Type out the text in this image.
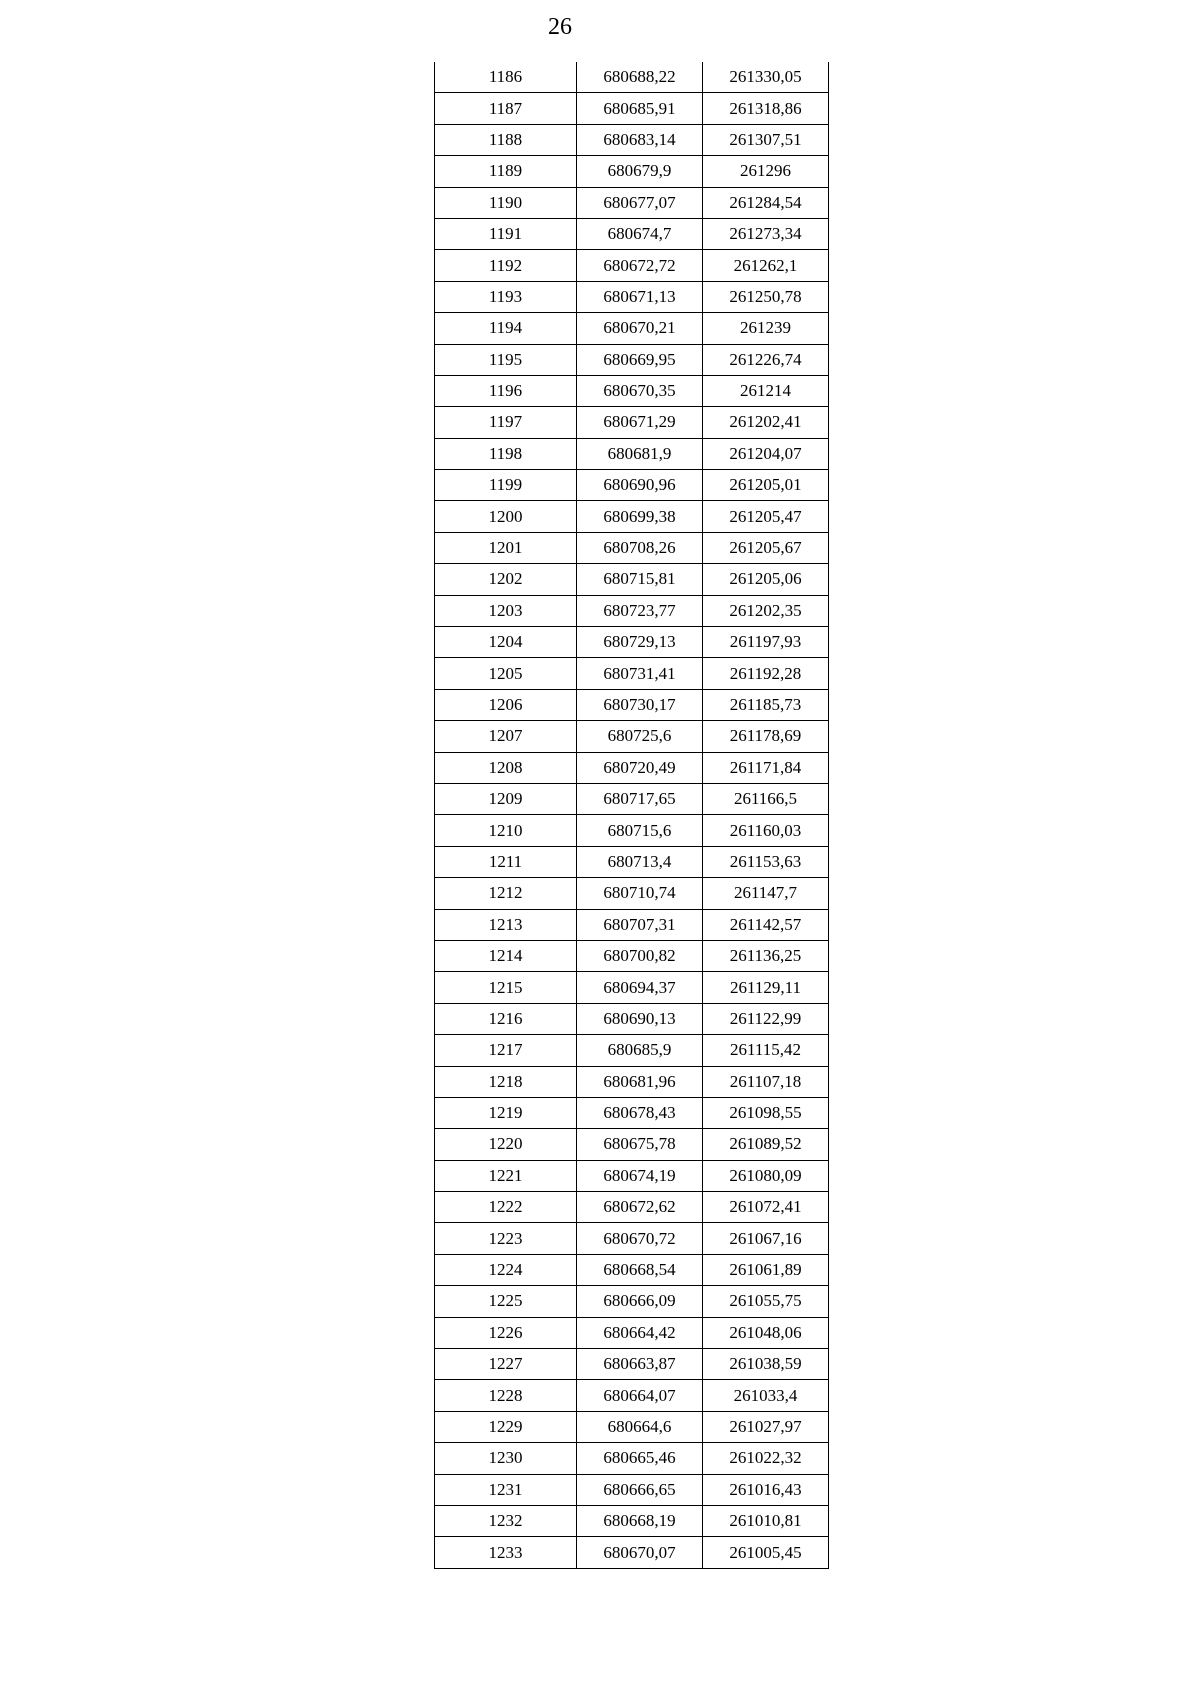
26
1186	680688,22	261330,05
1187	680685,91	261318,86
1188	680683,14	261307,51
1189	680679,9	261296
1190	680677,07	261284,54
1191	680674,7	261273,34
1192	680672,72	261262,1
1193	680671,13	261250,78
1194	680670,21	261239
1195	680669,95	261226,74
1196	680670,35	261214
1197	680671,29	261202,41
1198	680681,9	261204,07
1199	680690,96	261205,01
1200	680699,38	261205,47
1201	680708,26	261205,67
1202	680715,81	261205,06
1203	680723,77	261202,35
1204	680729,13	261197,93
1205	680731,41	261192,28
1206	680730,17	261185,73
1207	680725,6	261178,69
1208	680720,49	261171,84
1209	680717,65	261166,5
1210	680715,6	261160,03
1211	680713,4	261153,63
1212	680710,74	261147,7
1213	680707,31	261142,57
1214	680700,82	261136,25
1215	680694,37	261129,11
1216	680690,13	261122,99
1217	680685,9	261115,42
1218	680681,96	261107,18
1219	680678,43	261098,55
1220	680675,78	261089,52
1221	680674,19	261080,09
1222	680672,62	261072,41
1223	680670,72	261067,16
1224	680668,54	261061,89
1225	680666,09	261055,75
1226	680664,42	261048,06
1227	680663,87	261038,59
1228	680664,07	261033,4
1229	680664,6	261027,97
1230	680665,46	261022,32
1231	680666,65	261016,43
1232	680668,19	261010,81
1233	680670,07	261005,45
